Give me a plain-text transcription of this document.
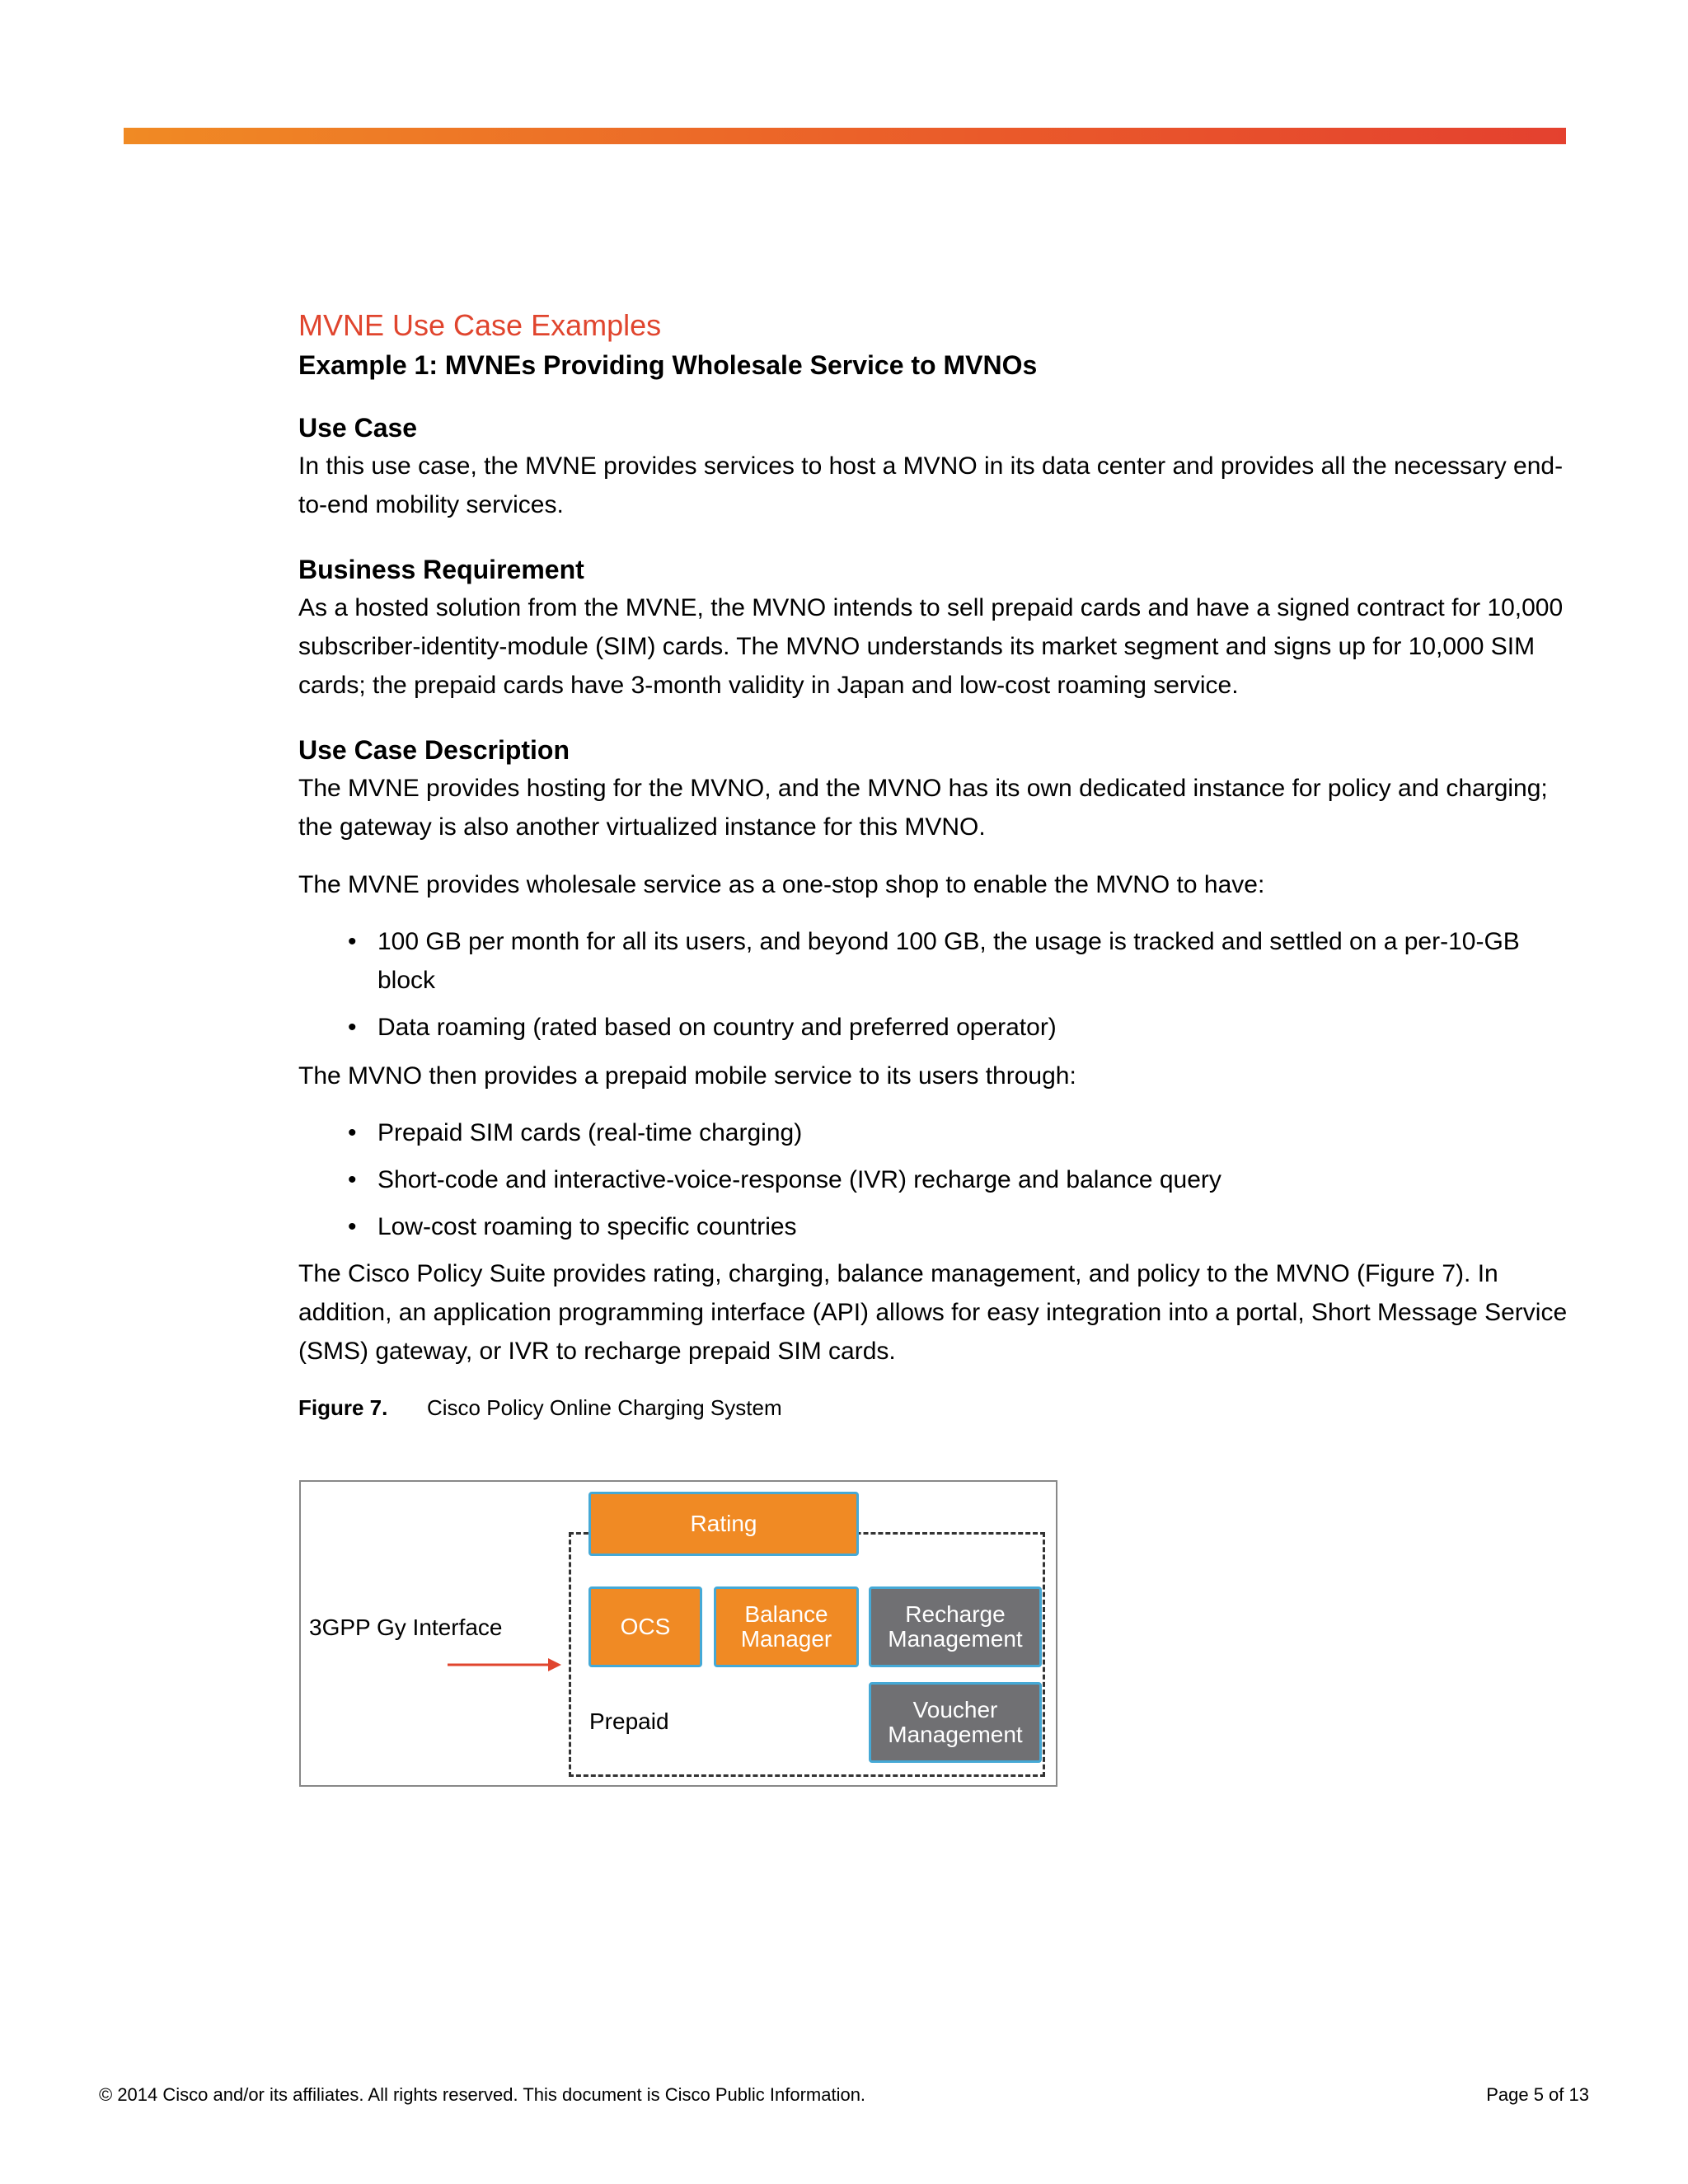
MVNE Use Case Examples
Example 1: MVNEs Providing Wholesale Service to MVNOs
Use Case

In this use case, the MVNE provides services to host a MVNO in its data center and provides all the necessary end-to-end mobility services.

Business Requirement

As a hosted solution from the MVNE, the MVNO intends to sell prepaid cards and have a signed contract for 10,000 subscriber-identity-module (SIM) cards. The MVNO understands its market segment and signs up for 10,000 SIM cards; the prepaid cards have 3-month validity in Japan and low-cost roaming service.

Use Case Description

The MVNE provides hosting for the MVNO, and the MVNO has its own dedicated instance for policy and charging; the gateway is also another virtualized instance for this MVNO.

The MVNE provides wholesale service as a one-stop shop to enable the MVNO to have:

• 100 GB per month for all its users, and beyond 100 GB, the usage is tracked and settled on a per-10-GB block
• Data roaming (rated based on country and preferred operator)

The MVNO then provides a prepaid mobile service to its users through:

• Prepaid SIM cards (real-time charging)
• Short-code and interactive-voice-response (IVR) recharge and balance query
• Low-cost roaming to specific countries

The Cisco Policy Suite provides rating, charging, balance management, and policy to the MVNO (Figure 7). In addition, an application programming interface (API) allows for easy integration into a portal, Short Message Service (SMS) gateway, or IVR to recharge prepaid SIM cards.

Figure 7. Cisco Policy Online Charging System
3GPP Gy Interface
Rating
OCS	Balance
Manager
Recharge
Management
Voucher
Management
Prepaid
© 2014 Cisco and/or its affiliates. All rights reserved. This document is Cisco Public Information.	Page 5 of 13
